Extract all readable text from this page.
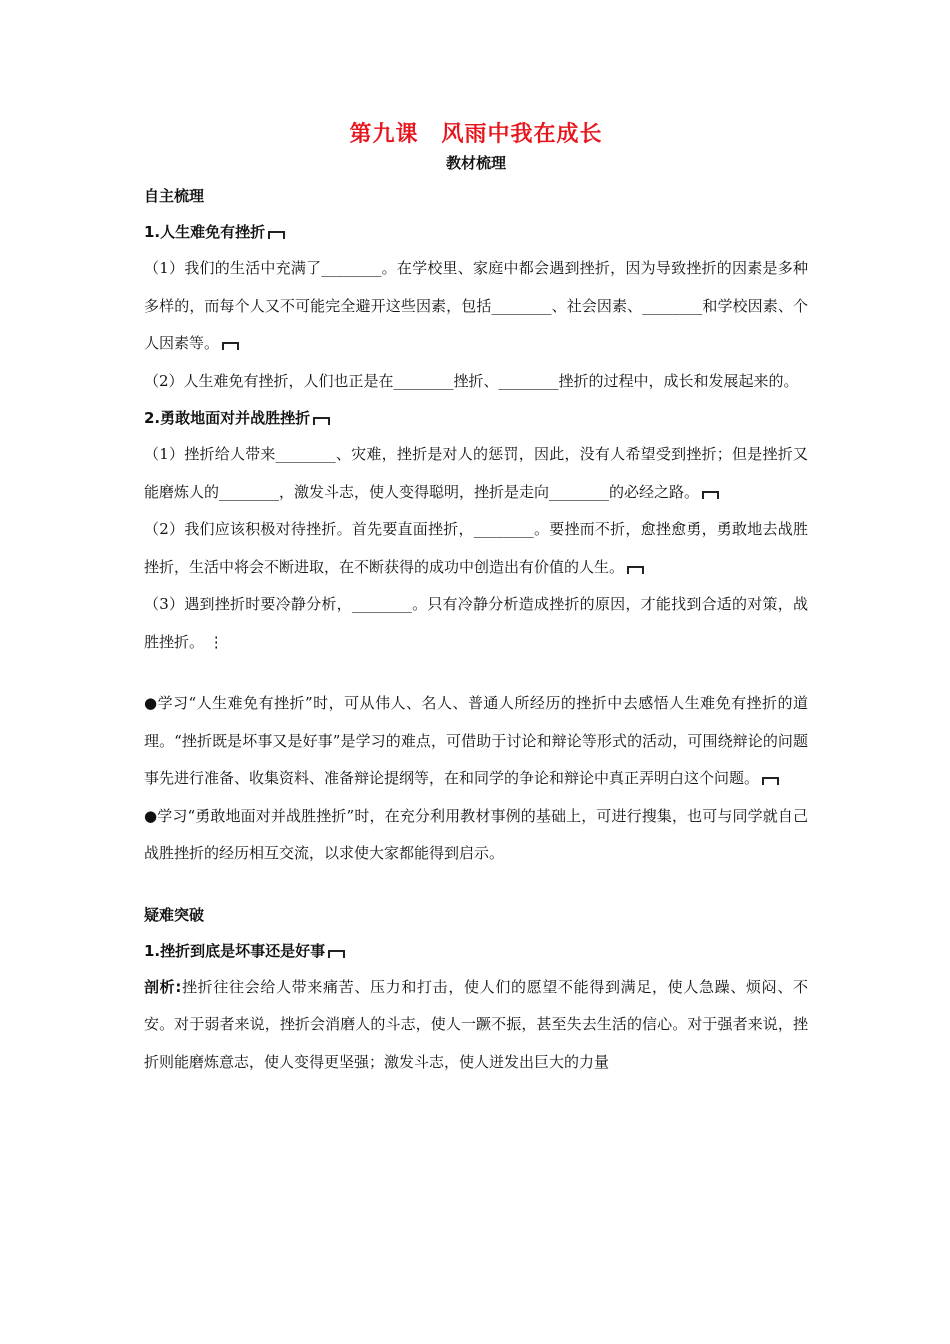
第九课　风雨中我在成长
教材梳理
自主梳理
1.人生难免有挫折

（1）我们的生活中充满了________。在学校里、家庭中都会遇到挫折，因为导致挫折的因素是多种多样的，而每个人又不可能完全避开这些因素，包括________、社会因素、________和学校因素、个人因素等。

（2）人生难免有挫折，人们也正是在________挫折、________挫折的过程中，成长和发展起来的。

2.勇敢地面对并战胜挫折

（1）挫折给人带来________、灾难，挫折是对人的惩罚，因此，没有人希望受到挫折；但是挫折又能磨炼人的________，激发斗志，使人变得聪明，挫折是走向________的必经之路。

（2）我们应该积极对待挫折。首先要直面挫折，________。要挫而不折，愈挫愈勇，勇敢地去战胜挫折，生活中将会不断进取，在不断获得的成功中创造出有价值的人生。

（3）遇到挫折时要冷静分析，________。只有冷静分析造成挫折的原因，才能找到合适的对策，战胜挫折。 ⋮

●学习“人生难免有挫折”时，可从伟人、名人、普通人所经历的挫折中去感悟人生难免有挫折的道理。“挫折既是坏事又是好事”是学习的难点，可借助于讨论和辩论等形式的活动，可围绕辩论的问题事先进行准备、收集资料、准备辩论提纲等，在和同学的争论和辩论中真正弄明白这个问题。

●学习“勇敢地面对并战胜挫折”时，在充分利用教材事例的基础上，可进行搜集，也可与同学就自己战胜挫折的经历相互交流，以求使大家都能得到启示。

疑难突破
1.挫折到底是坏事还是好事

剖析:挫折往往会给人带来痛苦、压力和打击，使人们的愿望不能得到满足，使人急躁、烦闷、不安。对于弱者来说，挫折会消磨人的斗志，使人一蹶不振，甚至失去生活的信心。对于强者来说，挫折则能磨炼意志，使人变得更坚强；激发斗志，使人迸发出巨大的力量
